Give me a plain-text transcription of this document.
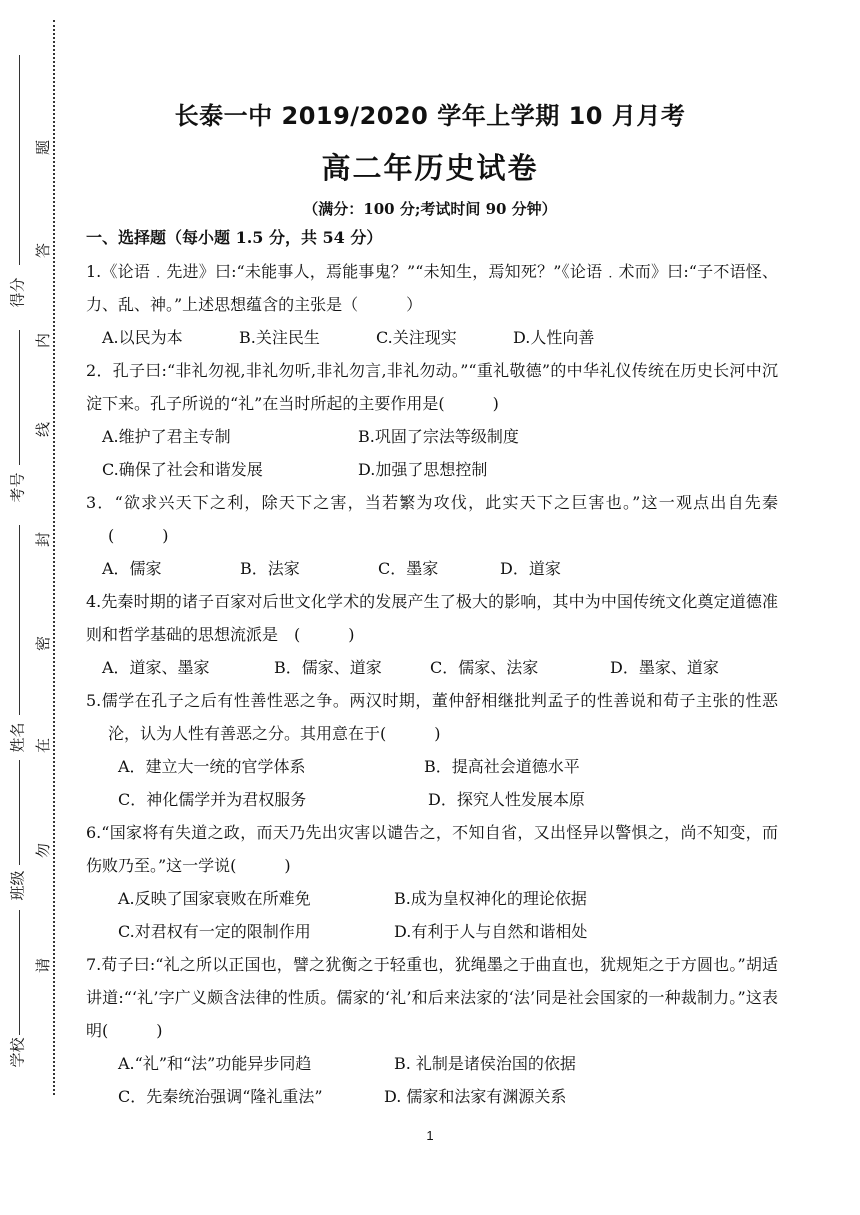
得分
考号
姓名
班级
学校
题
答
内
线
封
密
在
勿
请
长泰一中 2019/2020 学年上学期 10 月月考
高二年历史试卷
（满分：100 分;考试时间 90 分钟）
一、选择题（每小题 1.5 分，共 54 分）

1.《论语﹒先进》曰:“未能事人，焉能事鬼？”“未知生，焉知死？”《论语﹒术而》曰:“子不语怪、力、乱、神。”上述思想蕴含的主张是（　　　）

A.以民为本	B.关注民生	C.关注现实	D.人性向善

2．孔子曰:“非礼勿视,非礼勿听,非礼勿言,非礼勿动。”“重礼敬德”的中华礼仪传统在历史长河中沉淀下来。孔子所说的“礼”在当时所起的主要作用是(　　　)

A.维护了君主专制	B.巩固了宗法等级制度
C.确保了社会和谐发展	D.加强了思想控制

3．“欲求兴天下之利，除天下之害，当若繁为攻伐，此实天下之巨害也。”这一观点出自先秦　(　　　)

A．儒家	B．法家	C．墨家	D．道家

4.先秦时期的诸子百家对后世文化学术的发展产生了极大的影响，其中为中国传统文化奠定道德准则和哲学基础的思想流派是　(　　　)

A．道家、墨家	B．儒家、道家	C．儒家、法家	D．墨家、道家

5.儒学在孔子之后有性善性恶之争。两汉时期，董仲舒相继批判孟子的性善说和荀子主张的性恶沦，认为人性有善恶之分。其用意在于(　　　)

A．建立大一统的官学体系	B．提高社会道德水平
C．神化儒学并为君权服务	D．探究人性发展本原

6.“国家将有失道之政，而天乃先出灾害以谴告之，不知自省，又出怪异以警惧之，尚不知变，而伤败乃至。”这一学说(　　　)

A.反映了国家衰败在所难免	B.成为皇权神化的理论依据
C.对君权有一定的限制作用	D.有利于人与自然和谐相处

7.荀子曰:“礼之所以正国也，譬之犹衡之于轻重也，犹绳墨之于曲直也，犹规矩之于方圆也。”胡适讲道:“‘礼’字广义颇含法律的性质。儒家的‘礼’和后来法家的‘法’同是社会国家的一种裁制力。”这表明(　　　)

A.“礼”和“法”功能异步同趋	B. 礼制是诸侯治国的依据
C．先秦统治强调“隆礼重法”	D. 儒家和法家有渊源关系
1
